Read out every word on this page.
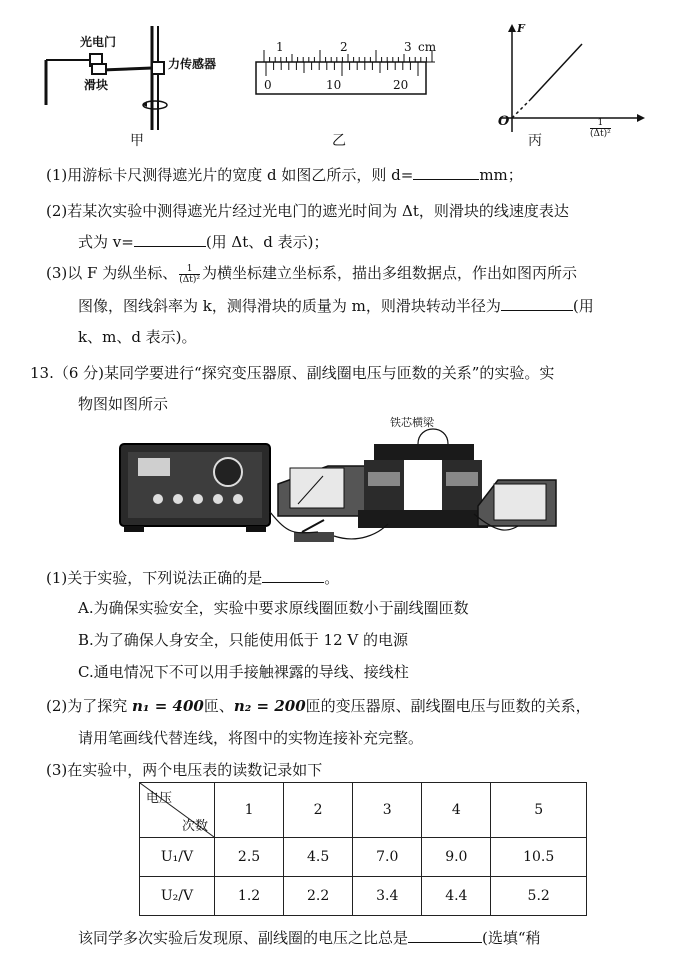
光电门
力传感器
滑块
甲
1	2	3 cm
0	10	20
乙
F
O	$\frac{1}{\text{(Δt)²}}$
丙
(1)用游标卡尺测得遮光片的宽度 d 如图乙所示，则 d=	mm；
(2)若某次实验中测得遮光片经过光电门的遮光时间为 Δt，则滑块的线速度表达
式为 v=	(用 Δt、d 表示)；
(3)以 F 为纵坐标、 $\frac{1}{\text{(Δt)²}}$ 为横坐标建立坐标系，描出多组数据点，作出如图丙所示
图像，图线斜率为 k，测得滑块的质量为 m，则滑块转动半径为	(用
k、m、d 表示)。
13.（6 分)某同学要进行“探究变压器原、副线圈电压与匝数的关系”的实验。实
物图如图所示
铁芯横梁
(1)关于实验，下列说法正确的是	。
A.为确保实验安全，实验中要求原线圈匝数小于副线圈匝数
B.为了确保人身安全，只能使用低于 12 V 的电源
C.通电情况下不可以用手接触裸露的导线、接线柱
(2)为了探究 n₁ = 400匝、n₂ = 200匝的变压器原、副线圈电压与匝数的关系，
请用笔画线代替连线，将图中的实物连接补充完整。
(3)在实验中，两个电压表的读数记录如下
电压
次数	1	2	3	4	5
U₁/V	2.5	4.5	7.0	9.0	10.5
U₂/V	1.2	2.2	3.4	4.4	5.2
该同学多次实验后发现原、副线圈的电压之比总是	(选填“稍
